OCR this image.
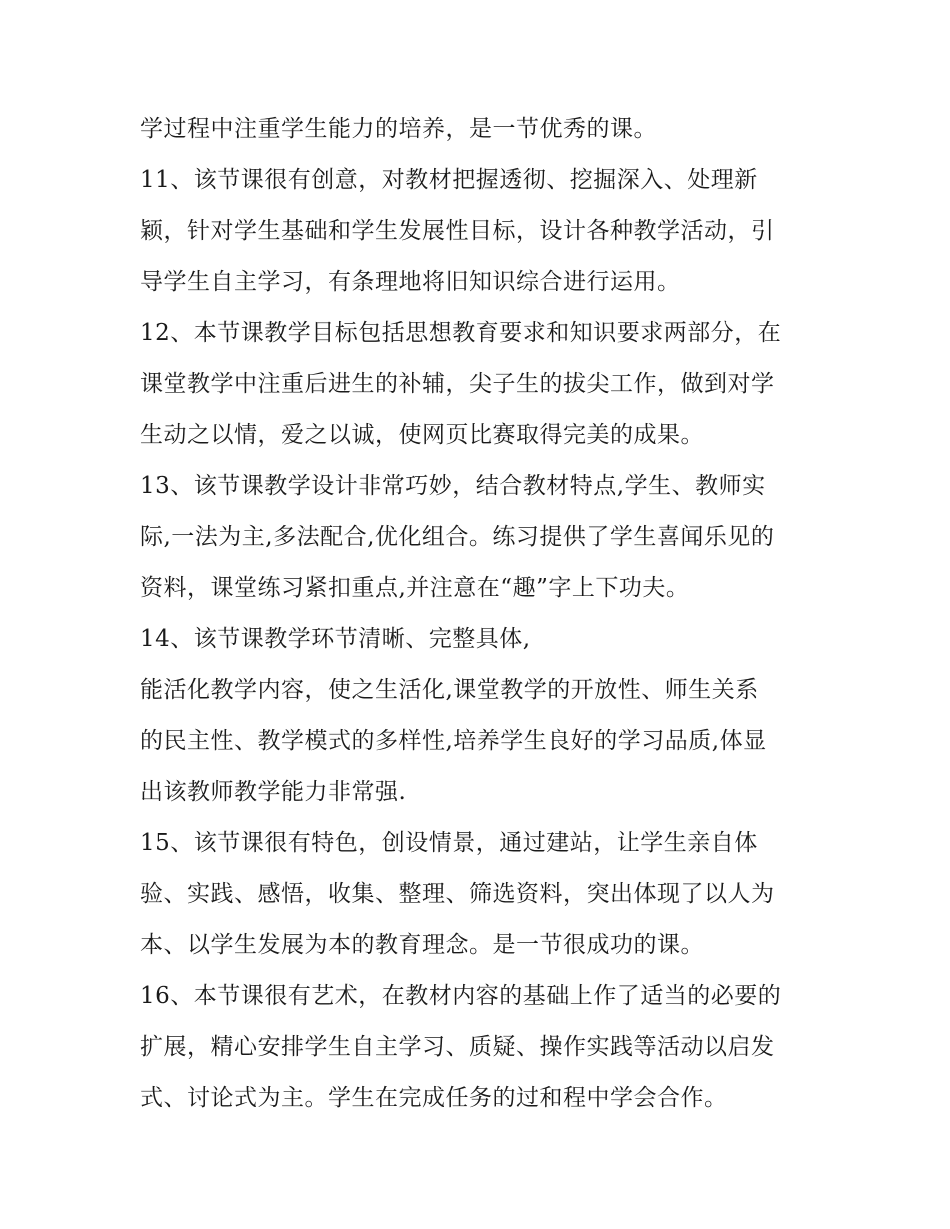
学过程中注重学生能力的培养，是一节优秀的课。
11、该节课很有创意，对教材把握透彻、挖掘深入、处理新
颖，针对学生基础和学生发展性目标，设计各种教学活动，引
导学生自主学习，有条理地将旧知识综合进行运用。
12、本节课教学目标包括思想教育要求和知识要求两部分，在
课堂教学中注重后进生的补辅，尖子生的拔尖工作，做到对学
生动之以情，爱之以诚，使网页比赛取得完美的成果。
13、该节课教学设计非常巧妙，结合教材特点,学生、教师实
际,一法为主,多法配合,优化组合。练习提供了学生喜闻乐见的
资料，课堂练习紧扣重点,并注意在“趣”字上下功夫。
14、该节课教学环节清晰、完整具体,
能活化教学内容，使之生活化,课堂教学的开放性、师生关系
的民主性、教学模式的多样性,培养学生良好的学习品质,体显
出该教师教学能力非常强.
15、该节课很有特色，创设情景，通过建站，让学生亲自体
验、实践、感悟，收集、整理、筛选资料，突出体现了以人为
本、以学生发展为本的教育理念。是一节很成功的课。
16、本节课很有艺术，在教材内容的基础上作了适当的必要的
扩展，精心安排学生自主学习、质疑、操作实践等活动以启发
式、讨论式为主。学生在完成任务的过和程中学会合作。
